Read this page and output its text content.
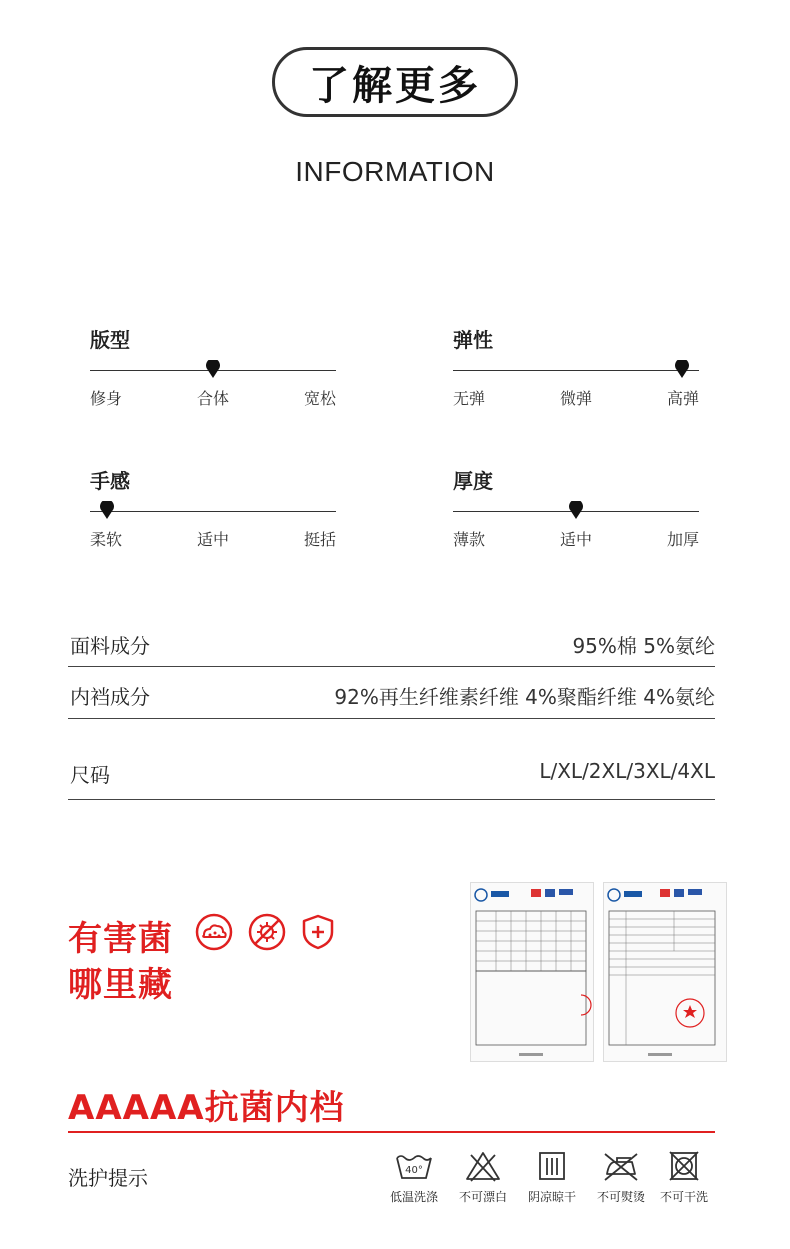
了解更多
INFORMATION
版型
修身	合体	宽松
弹性
无弹	微弹	高弹
手感
柔软	适中	挺括
厚度
薄款	适中	加厚
面料成分	95%棉 5%氨纶
内裆成分	92%再生纤维素纤维 4%聚酯纤维 4%氨纶
尺码	L/XL/2XL/3XL/4XL
有害菌
哪里藏
AAAAA抗菌内档
洗护提示	40°
低温洗涤	不可漂白	阴凉晾干	不可熨烫	不可干洗
